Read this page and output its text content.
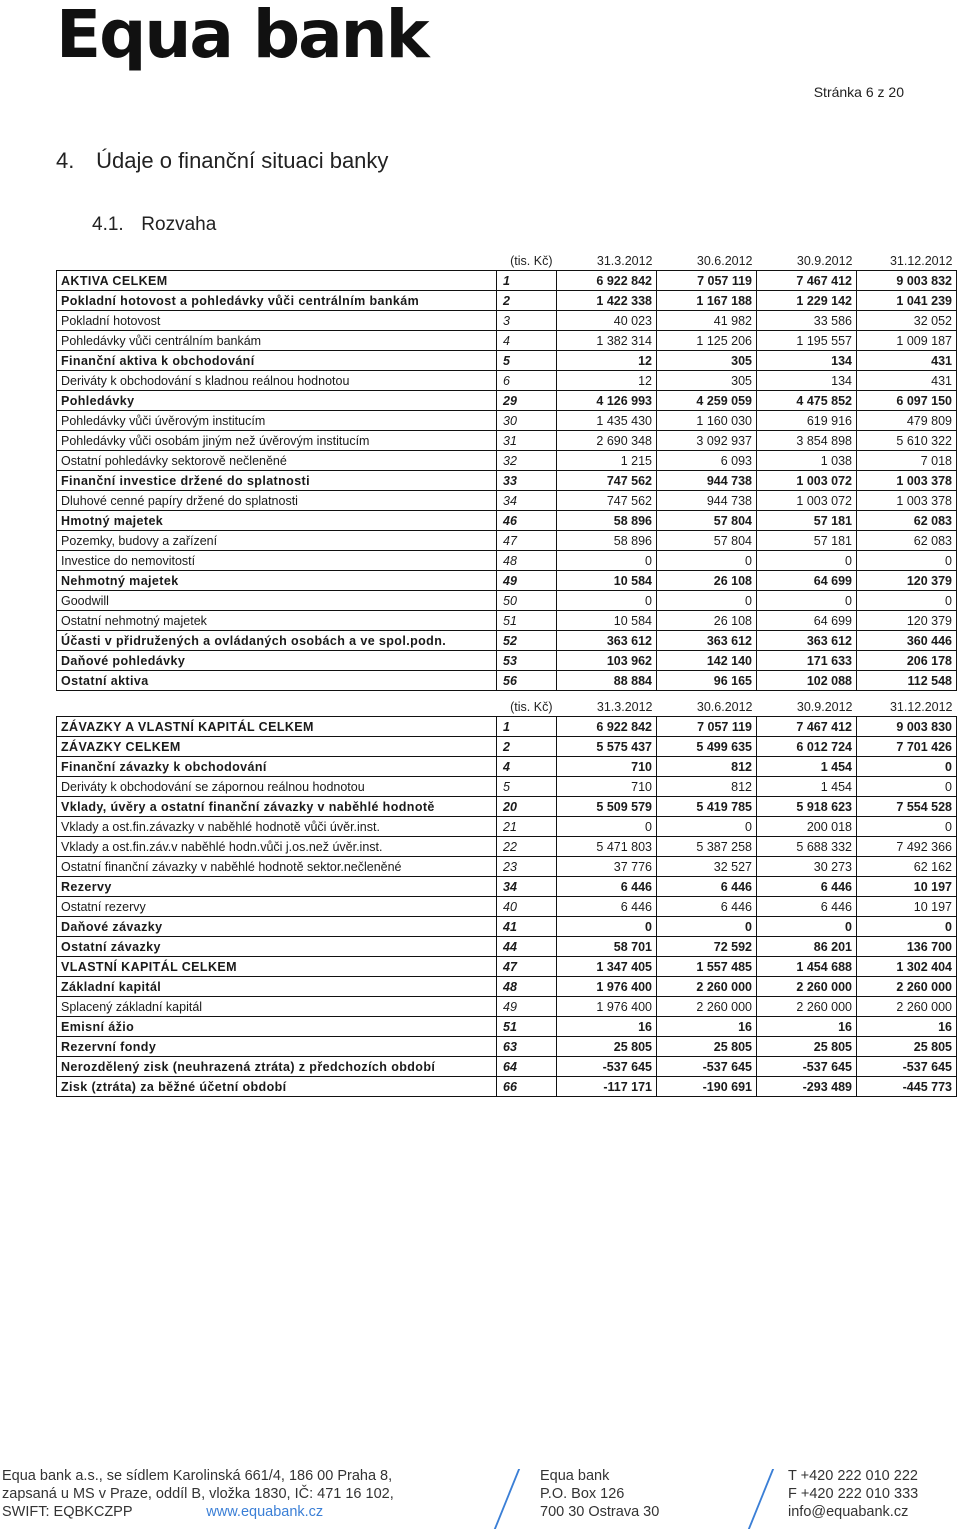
Equa bank
Stránka 6 z 20
4. Údaje o finanční situaci banky
4.1. Rozvaha
	(tis. Kč)	31.3.2012	30.6.2012	30.9.2012	31.12.2012
AKTIVA CELKEM	1	6 922 842	7 057 119	7 467 412	9 003 832
Pokladní hotovost a pohledávky vůči centrálním bankám	2	1 422 338	1 167 188	1 229 142	1 041 239
Pokladní hotovost	3	40 023	41 982	33 586	32 052
Pohledávky vůči centrálním bankám	4	1 382 314	1 125 206	1 195 557	1 009 187
Finanční aktiva k obchodování	5	12	305	134	431
Deriváty k obchodování s kladnou reálnou hodnotou	6	12	305	134	431
Pohledávky	29	4 126 993	4 259 059	4 475 852	6 097 150
Pohledávky vůči úvěrovým institucím	30	1 435 430	1 160 030	619 916	479 809
Pohledávky vůči osobám jiným než úvěrovým institucím	31	2 690 348	3 092 937	3 854 898	5 610 322
Ostatní pohledávky sektorově nečleněné	32	1 215	6 093	1 038	7 018
Finanční investice držené do splatnosti	33	747 562	944 738	1 003 072	1 003 378
Dluhové cenné papíry držené do splatnosti	34	747 562	944 738	1 003 072	1 003 378
Hmotný majetek	46	58 896	57 804	57 181	62 083
Pozemky, budovy a zařízení	47	58 896	57 804	57 181	62 083
Investice do nemovitostí	48	0	0	0	0
Nehmotný majetek	49	10 584	26 108	64 699	120 379
Goodwill	50	0	0	0	0
Ostatní nehmotný majetek	51	10 584	26 108	64 699	120 379
Účasti v přidružených a ovládaných osobách a ve spol.podn.	52	363 612	363 612	363 612	360 446
Daňové pohledávky	53	103 962	142 140	171 633	206 178
Ostatní aktiva	56	88 884	96 165	102 088	112 548
	(tis. Kč)	31.3.2012	30.6.2012	30.9.2012	31.12.2012
ZÁVAZKY A VLASTNÍ KAPITÁL CELKEM	1	6 922 842	7 057 119	7 467 412	9 003 830
ZÁVAZKY CELKEM	2	5 575 437	5 499 635	6 012 724	7 701 426
Finanční závazky k obchodování	4	710	812	1 454	0
Deriváty k obchodování se zápornou reálnou hodnotou	5	710	812	1 454	0
Vklady, úvěry a ostatní finanční závazky v naběhlé hodnotě	20	5 509 579	5 419 785	5 918 623	7 554 528
Vklady a ost.fin.závazky v naběhlé hodnotě vůči úvěr.inst.	21	0	0	200 018	0
Vklady a ost.fin.záv.v naběhlé hodn.vůči j.os.než úvěr.inst.	22	5 471 803	5 387 258	5 688 332	7 492 366
Ostatní finanční závazky v naběhlé hodnotě sektor.nečleněné	23	37 776	32 527	30 273	62 162
Rezervy	34	6 446	6 446	6 446	10 197
Ostatní rezervy	40	6 446	6 446	6 446	10 197
Daňové závazky	41	0	0	0	0
Ostatní závazky	44	58 701	72 592	86 201	136 700
VLASTNÍ KAPITÁL CELKEM	47	1 347 405	1 557 485	1 454 688	1 302 404
Základní kapitál	48	1 976 400	2 260 000	2 260 000	2 260 000
Splacený základní kapitál	49	1 976 400	2 260 000	2 260 000	2 260 000
Emisní ážio	51	16	16	16	16
Rezervní fondy	63	25 805	25 805	25 805	25 805
Nerozdělený zisk (neuhrazená ztráta) z předchozích období	64	-537 645	-537 645	-537 645	-537 645
Zisk (ztráta) za běžné účetní období	66	-117 171	-190 691	-293 489	-445 773
Equa bank a.s., se sídlem Karolinská 661/4, 186 00 Praha 8,
zapsaná u MS v Praze, oddíl B, vložka 1830, IČ: 471 16 102,
SWIFT: EQBKCZPP	www.equabank.cz
Equa bank
P.O. Box 126
700 30 Ostrava 30
T +420 222 010 222
F +420 222 010 333
info@equabank.cz
